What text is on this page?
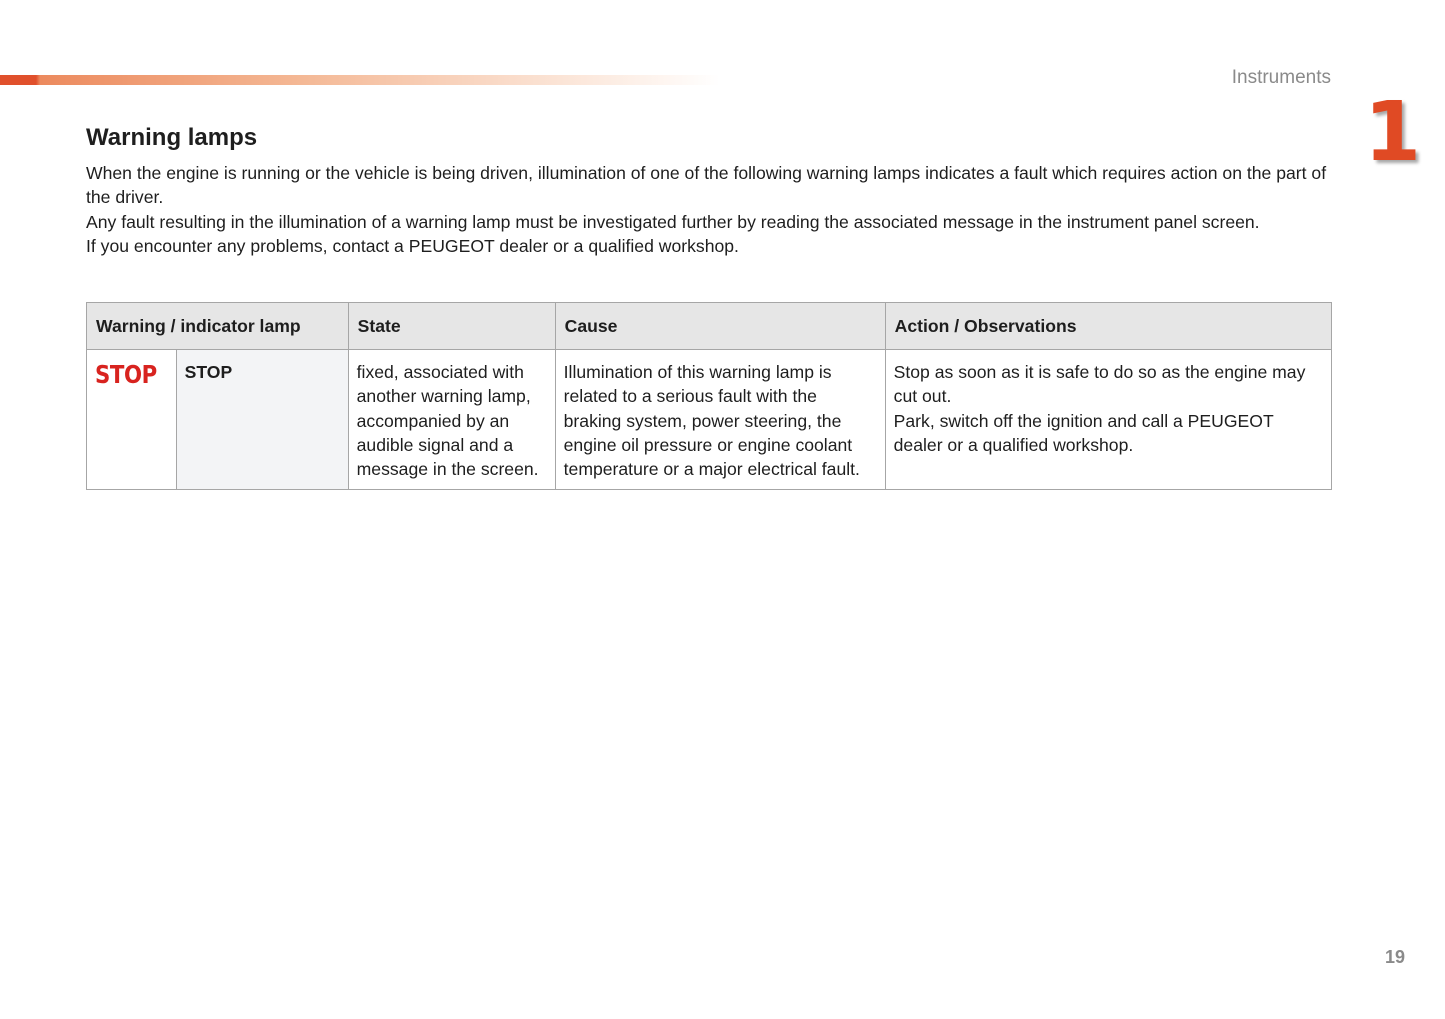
Instruments
1
Warning lamps

When the engine is running or the vehicle is being driven, illumination of one of the following warning lamps indicates a fault which requires action on the part of the driver.

Any fault resulting in the illumination of a warning lamp must be investigated further by reading the associated message in the instrument panel screen.

If you encounter any problems, contact a PEUGEOT dealer or a qualified workshop.

Warning / indicator lamp		State	Cause	Action / Observations
STOP	STOP	fixed, associated with another warning lamp, accompanied by an audible signal and a message in the screen.	Illumination of this warning lamp is related to a serious fault with the braking system, power steering, the engine oil pressure or engine coolant temperature or a major electrical fault.	Stop as soon as it is safe to do so as the engine may cut out.
Park, switch off the ignition and call a PEUGEOT dealer or a qualified workshop.
19
